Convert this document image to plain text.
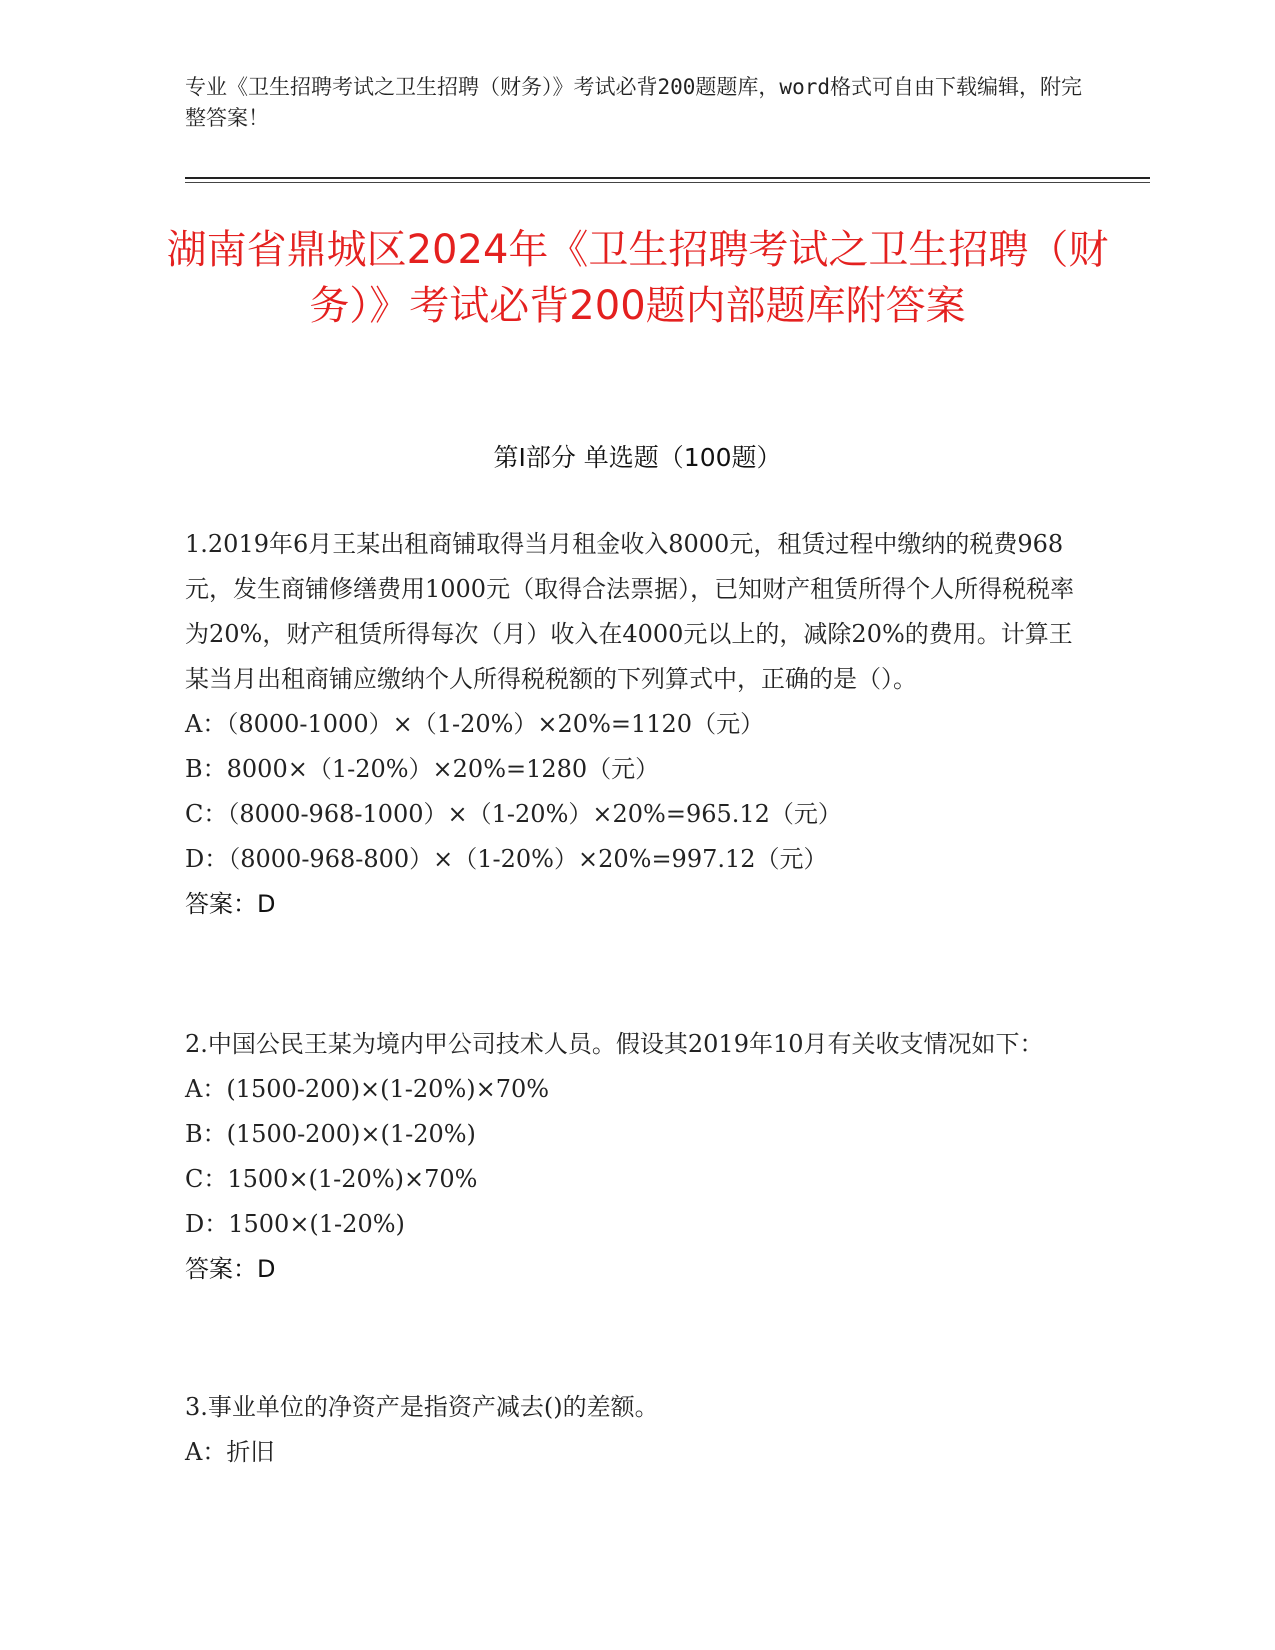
专业《卫生招聘考试之卫生招聘（财务）》考试必背200题题库，word格式可自由下载编辑，附完整答案！
湖南省鼎城区2024年《卫生招聘考试之卫生招聘（财务）》考试必背200题内部题库附答案
第Ⅰ部分 单选题（100题）

1.2019年6月王某出租商铺取得当月租金收入8000元，租赁过程中缴纳的税费968元，发生商铺修缮费用1000元（取得合法票据），已知财产租赁所得个人所得税税率为20%，财产租赁所得每次（月）收入在4000元以上的，减除20%的费用。计算王某当月出租商铺应缴纳个人所得税税额的下列算式中，正确的是（）。

A：（8000-1000）×（1-20%）×20%=1120（元）

B：8000×（1-20%）×20%=1280（元）

C：（8000-968-1000）×（1-20%）×20%=965.12（元）

D：（8000-968-800）×（1-20%）×20%=997.12（元）

答案：D

2.中国公民王某为境内甲公司技术人员。假设其2019年10月有关收支情况如下：

A：(1500-200)×(1-20%)×70%

B：(1500-200)×(1-20%)

C：1500×(1-20%)×70%

D：1500×(1-20%)

答案：D

3.事业单位的净资产是指资产减去()的差额。

A：折旧
